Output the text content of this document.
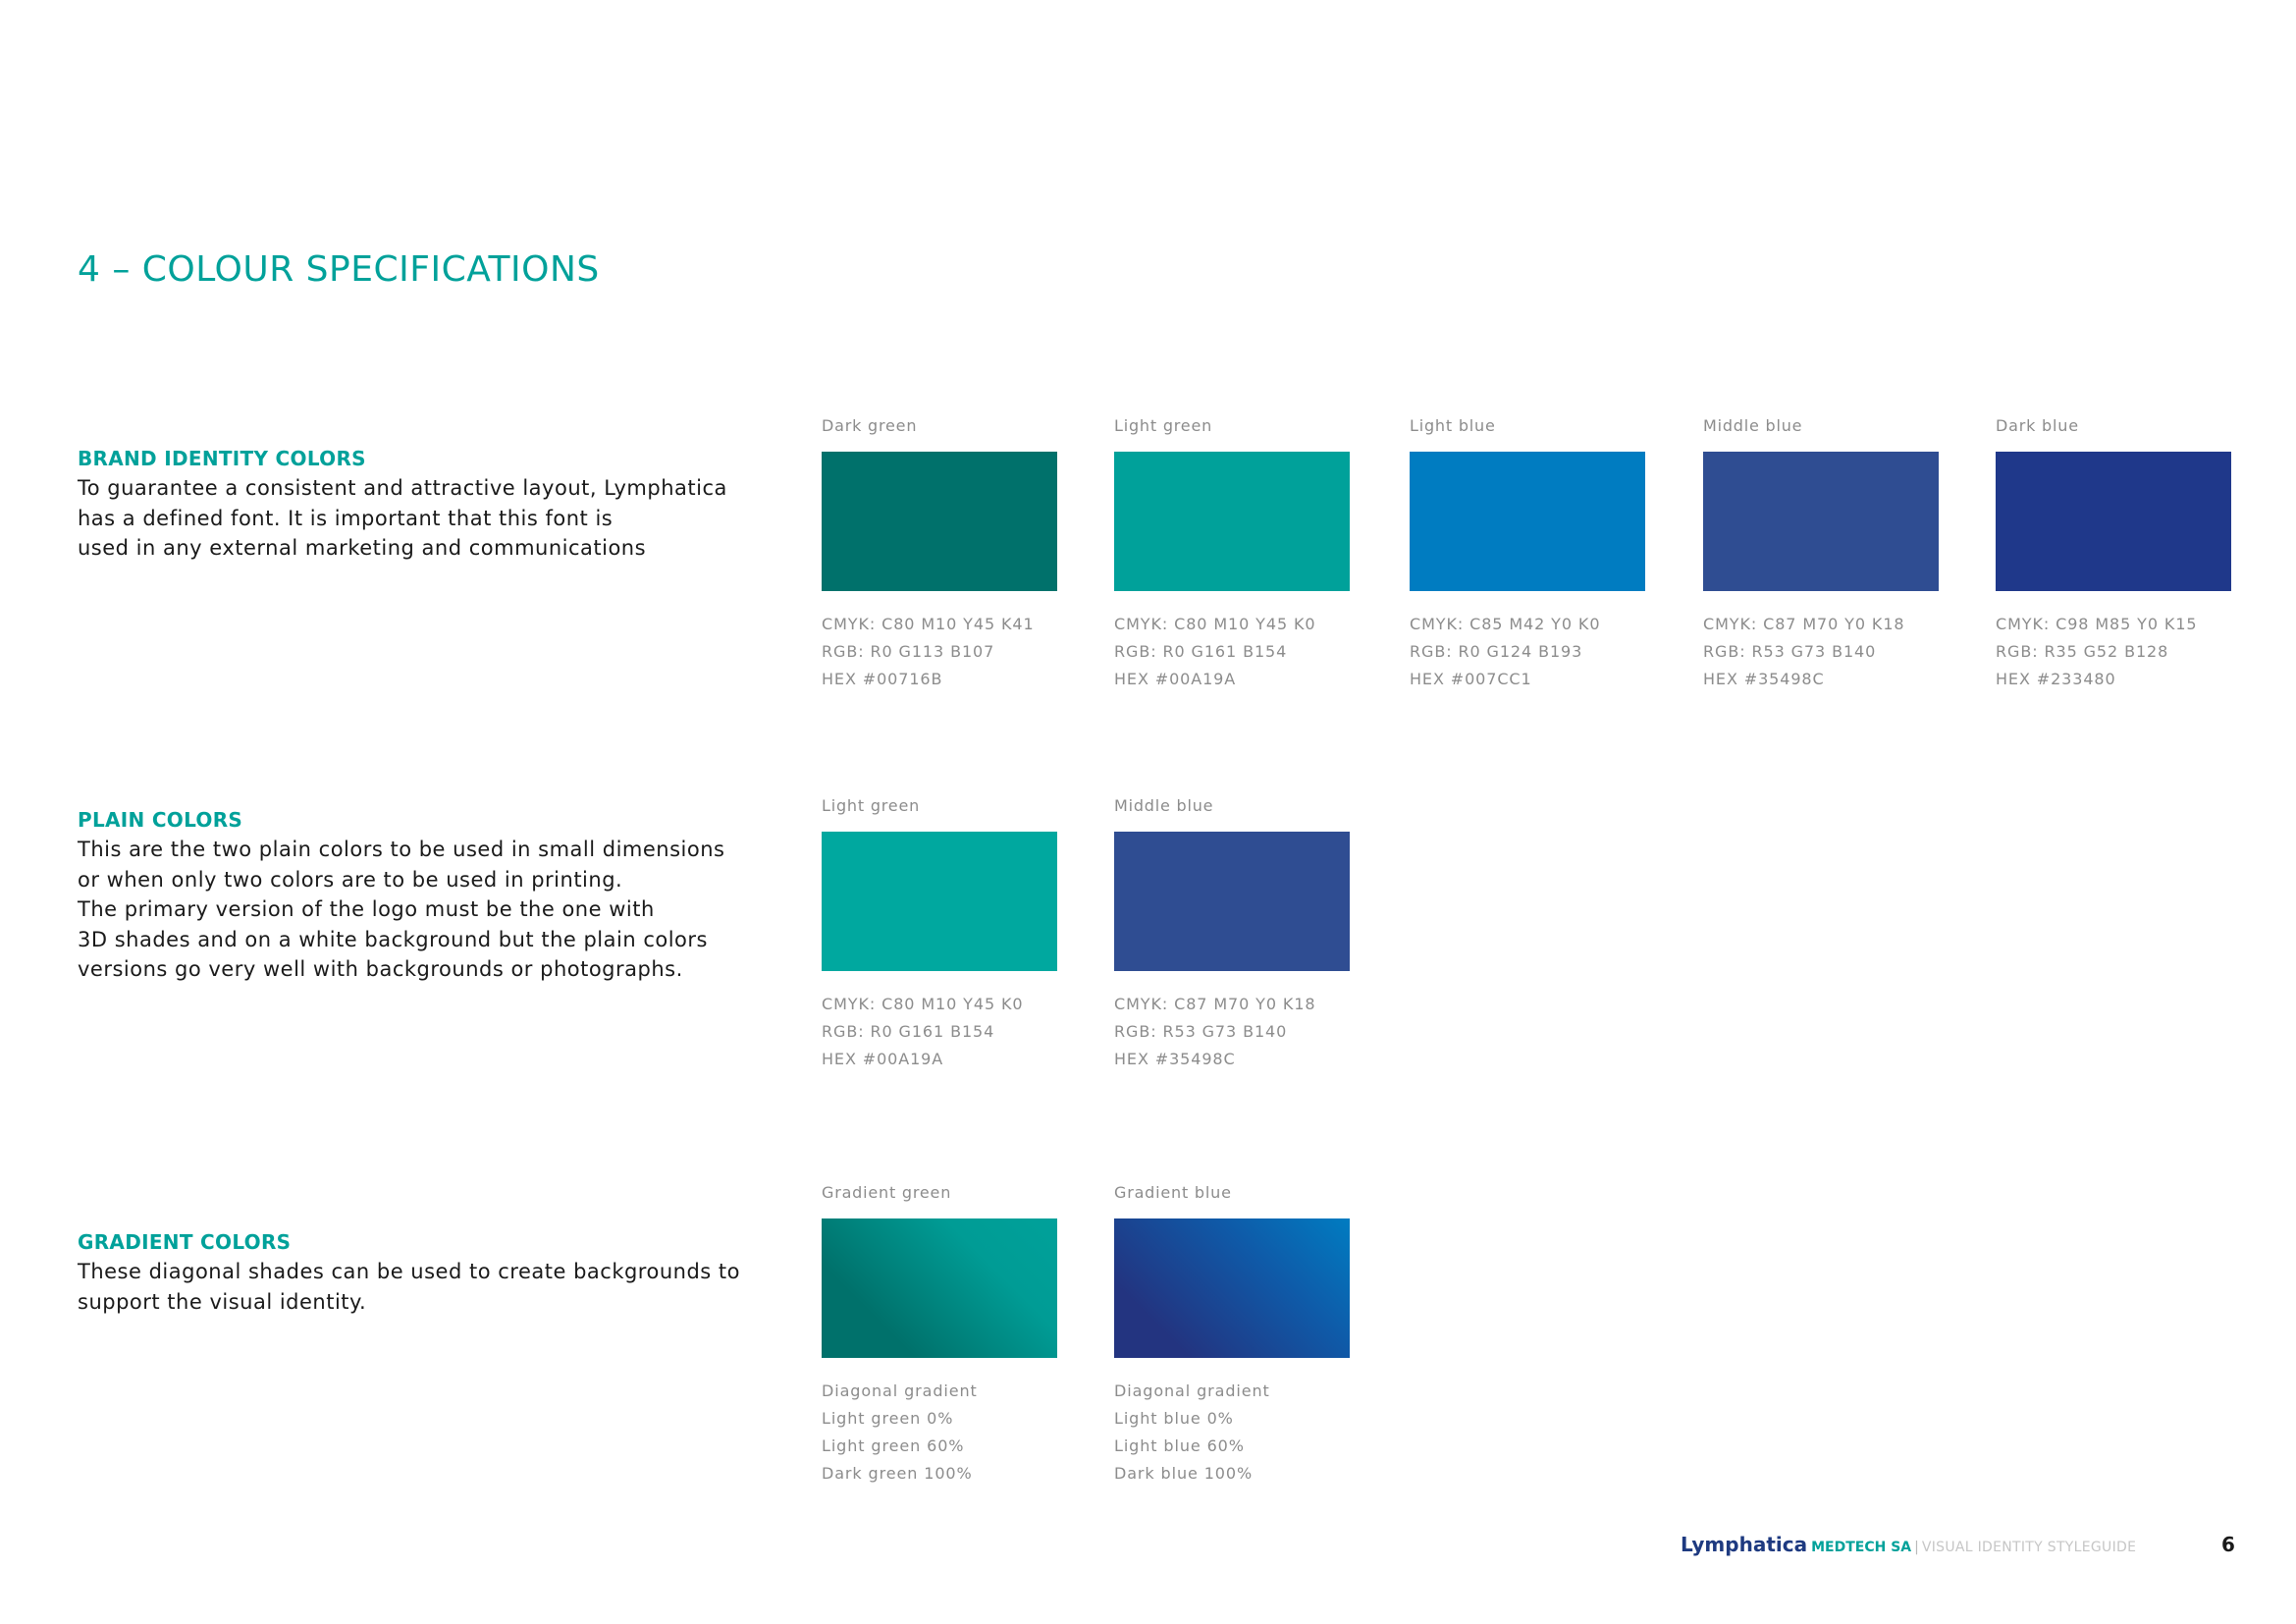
4 – COLOUR SPECIFICATIONS
BRAND IDENTITY COLORS
To guarantee a consistent and attractive layout, Lymphatica
has a defined font. It is important that this font is
used in any external marketing and communications
Dark green
CMYK: C80 M10 Y45 K41
RGB: R0 G113 B107
HEX #00716B
Light green
CMYK: C80 M10 Y45 K0
RGB: R0 G161 B154
HEX #00A19A
Light blue
CMYK: C85 M42 Y0 K0
RGB: R0 G124 B193
HEX #007CC1
Middle blue
CMYK: C87 M70 Y0 K18
RGB: R53 G73 B140
HEX #35498C
Dark blue
CMYK: C98 M85 Y0 K15
RGB: R35 G52 B128
HEX #233480
PLAIN COLORS
This are the two plain colors to be used in small dimensions
or when only two colors are to be used in printing.
The primary version of the logo must be the one with
3D shades and on a white background but the plain colors
versions go very well with backgrounds or photographs.
Light green
CMYK: C80 M10 Y45 K0
RGB: R0 G161 B154
HEX #00A19A
Middle blue
CMYK: C87 M70 Y0 K18
RGB: R53 G73 B140
HEX #35498C
GRADIENT COLORS
These diagonal shades can be used to create backgrounds to
support the visual identity.
Gradient green
Diagonal gradient
Light green 0%
Light green 60%
Dark green 100%
Gradient blue
Diagonal gradient
Light blue 0%
Light blue 60%
Dark blue 100%
Lymphatica MEDTECH SA | VISUAL IDENTITY STYLEGUIDE	6
